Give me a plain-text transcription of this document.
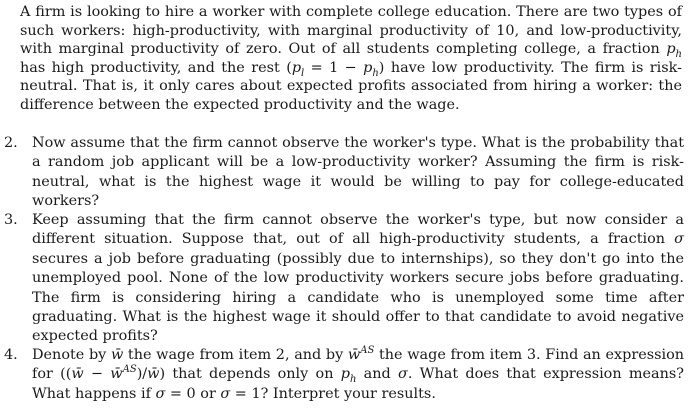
A firm is looking to hire a worker with complete college education. There are two types of such workers: high-productivity, with marginal productivity of 10, and low-productivity, with marginal productivity of zero. Out of all students completing college, a fraction $p_h$ has high productivity, and the rest $(p_l = 1 - p_h)$ have low productivity. The firm is risk-neutral. That is, it only cares about expected profits associated from hiring a worker: the difference between the expected productivity and the wage.
2. Now assume that the firm cannot observe the worker's type. What is the probability that a random job applicant will be a low-productivity worker? Assuming the firm is risk-neutral, what is the highest wage it would be willing to pay for college-educated workers?
3. Keep assuming that the firm cannot observe the worker's type, but now consider a different situation. Suppose that, out of all high-productivity students, a fraction σ secures a job before graduating (possibly due to internships), so they don't go into the unemployed pool. None of the low productivity workers secure jobs before graduating. The firm is considering hiring a candidate who is unemployed some time after graduating. What is the highest wage it should offer to that candidate to avoid negative expected profits?
4. Denote by w̄ the wage from item 2, and by w̄$^{AS}$ the wage from item 3. Find an expression for ((w̄ − w̄$^{AS}$)/w̄) that depends only on $p_h$ and σ. What does that expression means? What happens if σ = 0 or σ = 1? Interpret your results.
